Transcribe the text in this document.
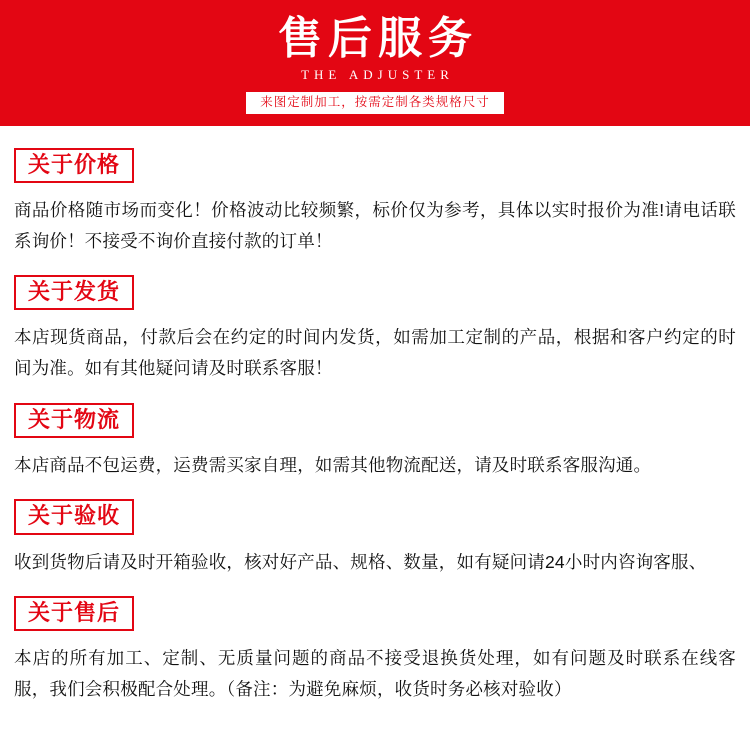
售后服务
THE ADJUSTER
来图定制加工，按需定制各类规格尺寸
关于价格
商品价格随市场而变化！价格波动比较频繁，标价仅为参考，具体以实时报价为准!请电话联系询价！不接受不询价直接付款的订单！
关于发货
本店现货商品，付款后会在约定的时间内发货，如需加工定制的产品，根据和客户约定的时间为准。如有其他疑问请及时联系客服！
关于物流
本店商品不包运费，运费需买家自理，如需其他物流配送，请及时联系客服沟通。
关于验收
收到货物后请及时开箱验收，核对好产品、规格、数量，如有疑问请24小时内咨询客服、
关于售后
本店的所有加工、定制、无质量问题的商品不接受退换货处理，如有问题及时联系在线客服，我们会积极配合处理。（备注：为避免麻烦，收货时务必核对验收）
